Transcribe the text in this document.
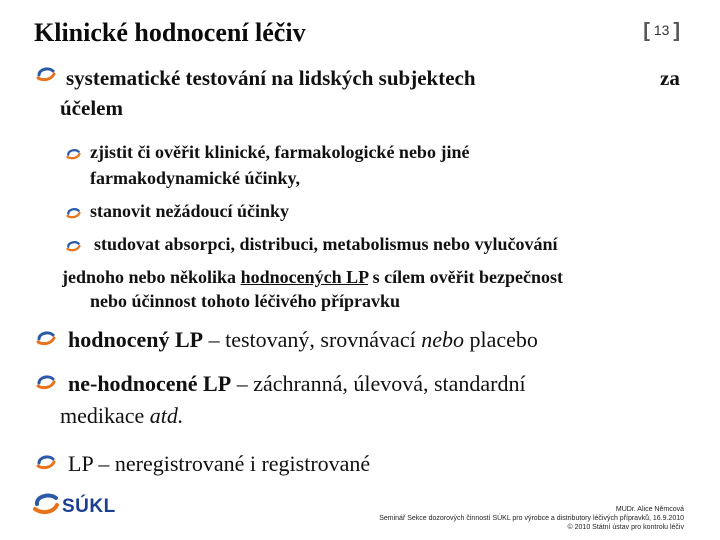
Klinické hodnocení léčiv	[ 13 ]
systematické testování na lidských subjektech	za
účelem
zjistit či ověřit klinické, farmakologické nebo jiné
farmakodynamické účinky,
stanovit nežádoucí účinky
studovat absorpci, distribuci, metabolismus nebo vylučování
jednoho nebo několika hodnocených LP s cílem ověřit bezpečnost
nebo účinnost tohoto léčivého přípravku
hodnocený LP – testovaný, srovnávací nebo placebo
ne-hodnocené LP – záchranná, úlevová, standardní
medikace atd.
LP – neregistrované i registrované
SÚKL	MUDr. Alice Němcová
Seminář Sekce dozorových činností SÚKL pro výrobce a distributory léčivých přípravků, 16.9.2010
© 2010 Státní ústav pro kontrolu léčiv
